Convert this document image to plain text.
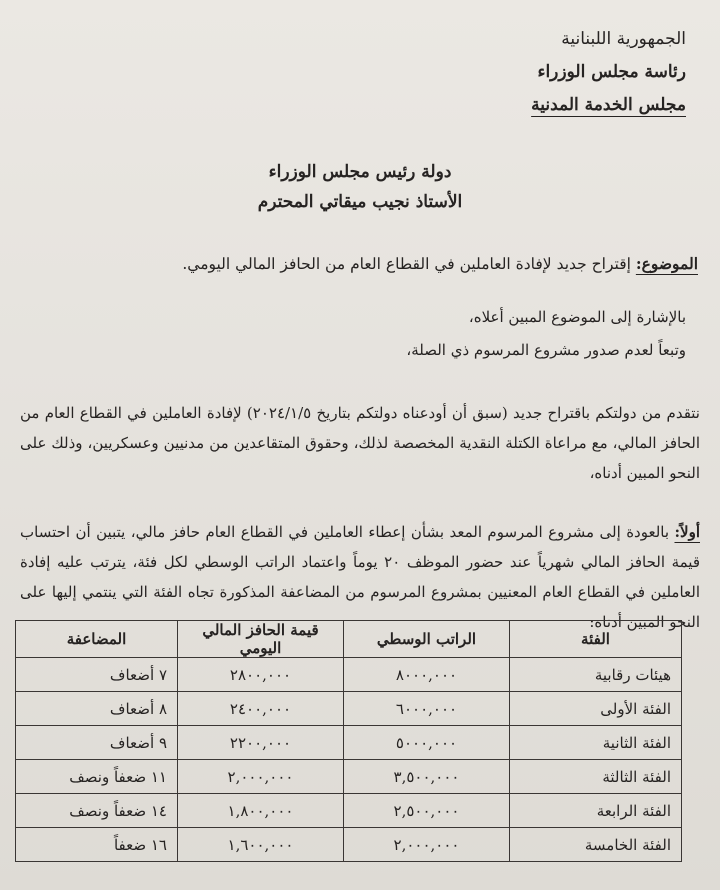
الجمهورية اللبنانية
رئاسة مجلس الوزراء
مجلس الخدمة المدنية
دولة رئيس مجلس الوزراء
الأستاذ نجيب ميقاتي المحترم
الموضوع: إقتراح جديد لإفادة العاملين في القطاع العام من الحافز المالي اليومي.
بالإشارة إلى الموضوع المبين أعلاه،
وتبعاً لعدم صدور مشروع المرسوم ذي الصلة،
نتقدم من دولتكم باقتراح جديد (سبق أن أودعناه دولتكم بتاريخ ٢٠٢٤/١/٥) لإفادة العاملين في القطاع العام من الحافز المالي، مع مراعاة الكتلة النقدية المخصصة لذلك، وحقوق المتقاعدين من مدنيين وعسكريين، وذلك على النحو المبين أدناه،
أولاً: بالعودة إلى مشروع المرسوم المعد بشأن إعطاء العاملين في القطاع العام حافز مالي، يتبين أن احتساب قيمة الحافز المالي شهرياً عند حضور الموظف ٢٠ يوماً واعتماد الراتب الوسطي لكل فئة، يترتب عليه إفادة العاملين في القطاع العام المعنيين بمشروع المرسوم من المضاعفة المذكورة تجاه الفئة التي ينتمي إليها على النحو المبين أدناه:
الفئة	الراتب الوسطي	قيمة الحافز المالي اليومي	المضاعفة
هيئات رقابية	٨٠٠٠,٠٠٠	٢٨٠٠,٠٠٠	٧ أضعاف
الفئة الأولى	٦٠٠٠,٠٠٠	٢٤٠٠,٠٠٠	٨ أضعاف
الفئة الثانية	٥٠٠٠,٠٠٠	٢٢٠٠,٠٠٠	٩ أضعاف
الفئة الثالثة	٣,٥٠٠,٠٠٠	٢,٠٠٠,٠٠٠	١١ ضعفاً ونصف
الفئة الرابعة	٢,٥٠٠,٠٠٠	١,٨٠٠,٠٠٠	١٤ ضعفاً ونصف
الفئة الخامسة	٢,٠٠٠,٠٠٠	١,٦٠٠,٠٠٠	١٦ ضعفاً
